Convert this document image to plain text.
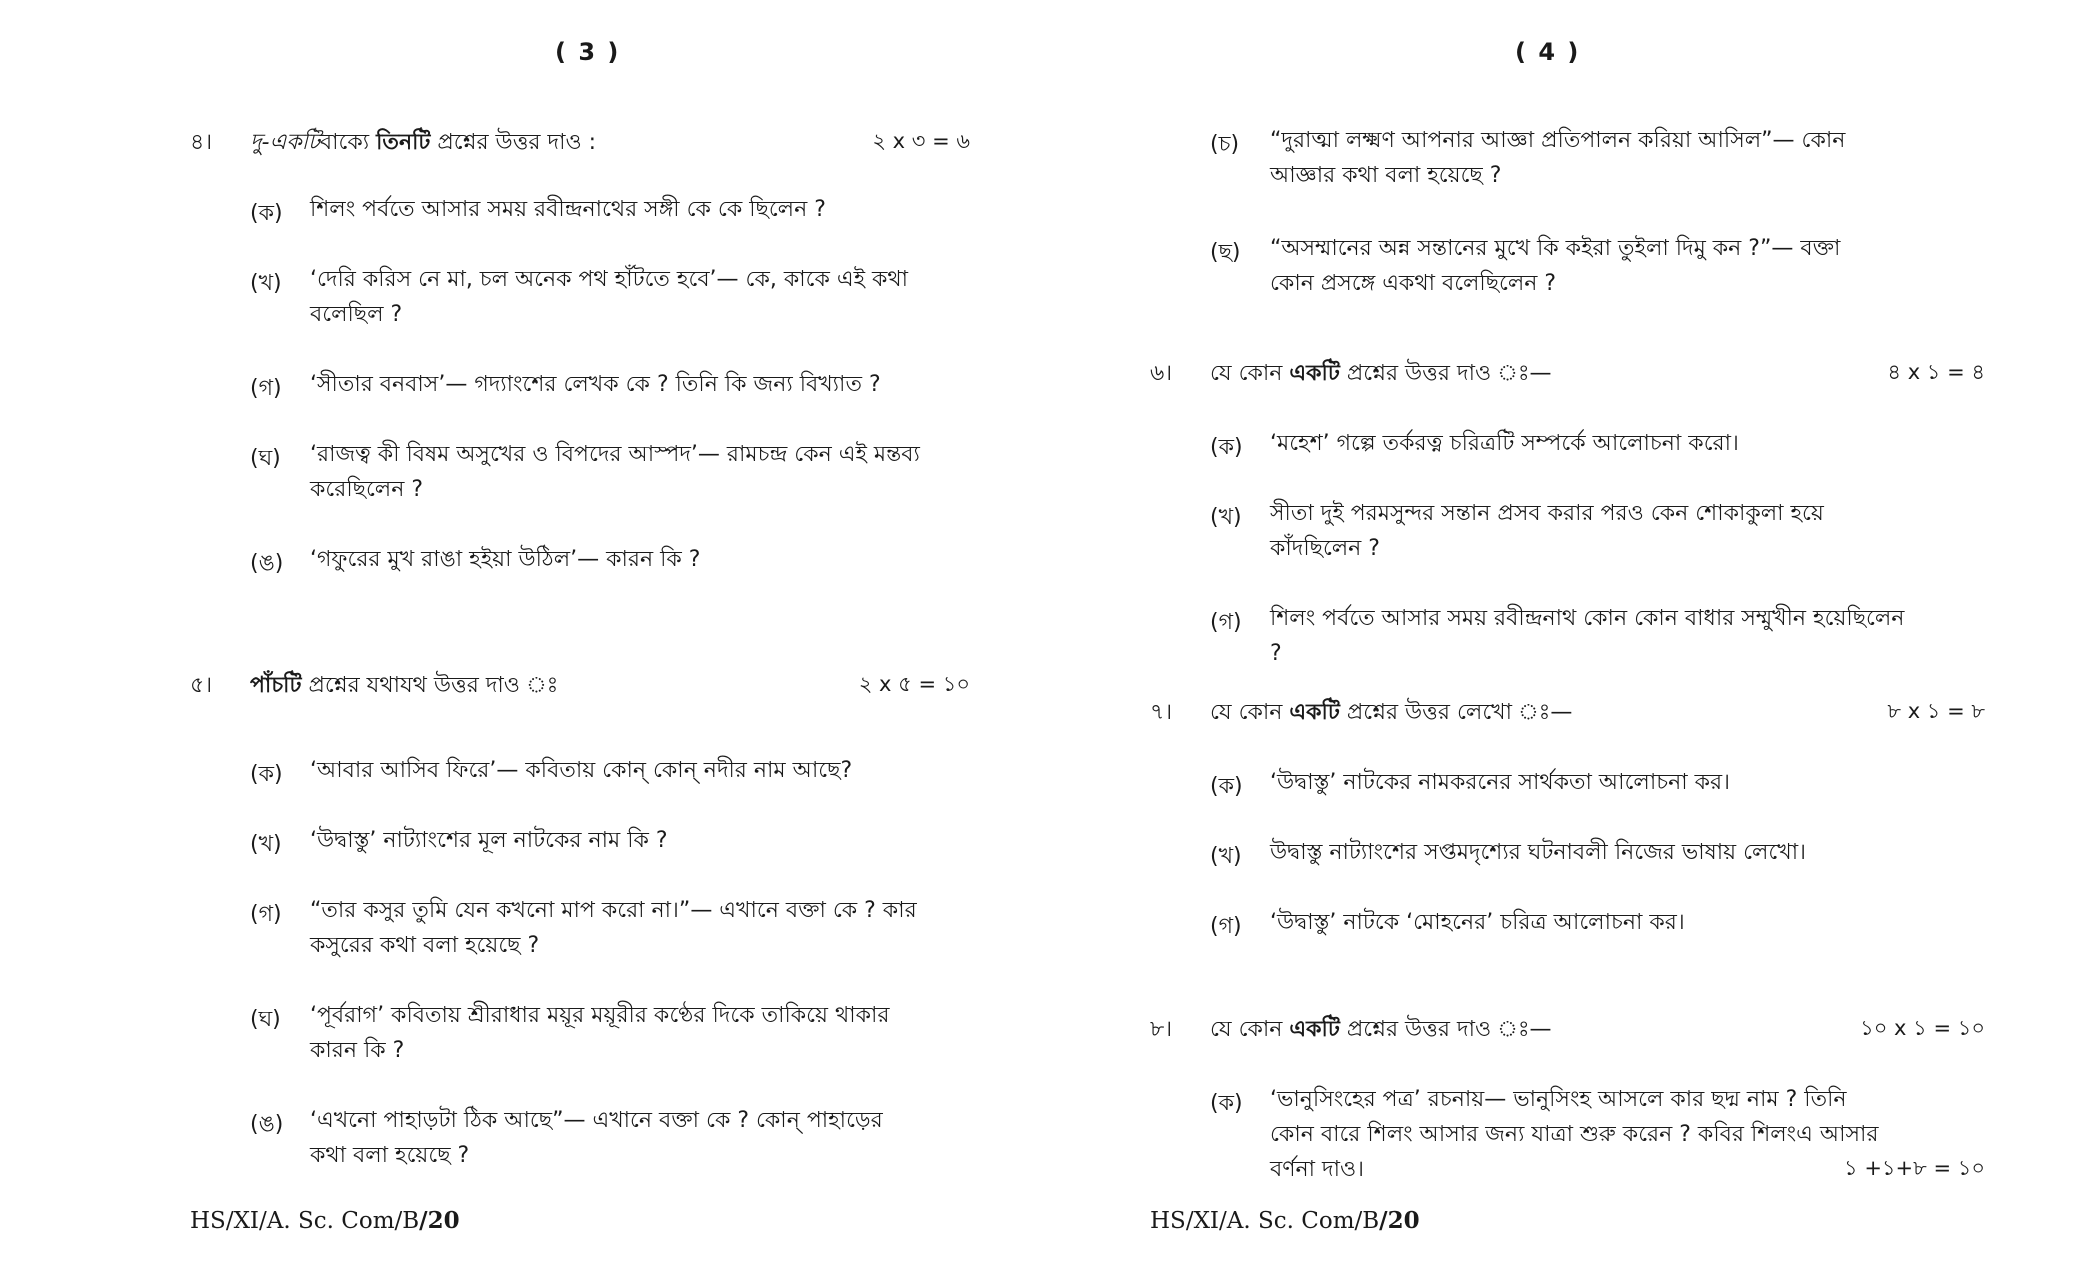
( 3 )
৪। দু-একটিবাক্যে তিনটি প্রশ্নের উত্তর দাও :	২ x ৩ = ৬
(ক)	শিলং পর্বতে আসার সময় রবীন্দ্রনাথের সঙ্গী কে কে ছিলেন ?
(খ)	‘দেরি করিস নে মা, চল অনেক পথ হাঁটতে হবে’— কে, কাকে এই কথা বলেছিল ?
(গ)	‘সীতার বনবাস’— গদ্যাংশের লেখক কে ? তিনি কি জন্য বিখ্যাত ?
(ঘ)	‘রাজত্ব কী বিষম অসুখের ও বিপদের আস্পদ’— রামচন্দ্র কেন এই মন্তব্য করেছিলেন ?
(ঙ)	‘গফুরের মুখ রাঙা হইয়া উঠিল’— কারন কি ?
৫। পাঁচটি প্রশ্নের যথাযথ উত্তর দাও ঃ	২ x ৫ = ১০
(ক)	‘আবার আসিব ফিরে’— কবিতায় কোন্ কোন্ নদীর নাম আছে?
(খ)	‘উদ্বাস্তু’ নাট্যাংশের মূল নাটকের নাম কি ?
(গ)	“তার কসুর তুমি যেন কখনো মাপ করো না।”— এখানে বক্তা কে ? কার কসুরের কথা বলা হয়েছে ?
(ঘ)	‘পূর্বরাগ’ কবিতায় শ্রীরাধার ময়ূর ময়ূরীর কণ্ঠের দিকে তাকিয়ে থাকার কারন কি ?
(ঙ)	‘এখনো পাহাড়টা ঠিক আছে”— এখানে বক্তা কে ? কোন্ পাহাড়ের কথা বলা হয়েছে ?
HS/XI/A. Sc. Com/B/20
( 4 )
(চ)	“দুরাত্মা লক্ষ্মণ আপনার আজ্ঞা প্রতিপালন করিয়া আসিল”— কোন আজ্ঞার কথা বলা হয়েছে ?
(ছ)	“অসম্মানের অন্ন সন্তানের মুখে কি কইরা তুইলা দিমু কন ?”— বক্তা কোন প্রসঙ্গে একথা বলেছিলেন ?
৬। যে কোন একটি প্রশ্নের উত্তর দাও ঃ—	৪ x ১ = ৪
(ক)	‘মহেশ’ গল্পে তর্করত্ন চরিত্রটি সম্পর্কে আলোচনা করো।
(খ)	সীতা দুই পরমসুন্দর সন্তান প্রসব করার পরও কেন শোকাকুলা হয়ে কাঁদছিলেন ?
(গ)	শিলং পর্বতে আসার সময় রবীন্দ্রনাথ কোন কোন বাধার সম্মুখীন হয়েছিলেন ?
৭। যে কোন একটি প্রশ্নের উত্তর লেখো ঃ—	৮ x ১ = ৮
(ক)	‘উদ্বাস্তু’ নাটকের নামকরনের সার্থকতা আলোচনা কর।
(খ)	উদ্বাস্তু নাট্যাংশের সপ্তমদৃশ্যের ঘটনাবলী নিজের ভাষায় লেখো।
(গ)	‘উদ্বাস্তু’ নাটকে ‘মোহনের’ চরিত্র আলোচনা কর।
৮। যে কোন একটি প্রশ্নের উত্তর দাও ঃ—	১০ x ১ = ১০
(ক)	‘ভানুসিংহের পত্র’ রচনায়— ভানুসিংহ আসলে কার ছদ্ম নাম ? তিনি কোন বারে শিলং আসার জন্য যাত্রা শুরু করেন ? কবির শিলংএ আসার বর্ণনা দাও।	১ +১+৮ = ১০
HS/XI/A. Sc. Com/B/20
